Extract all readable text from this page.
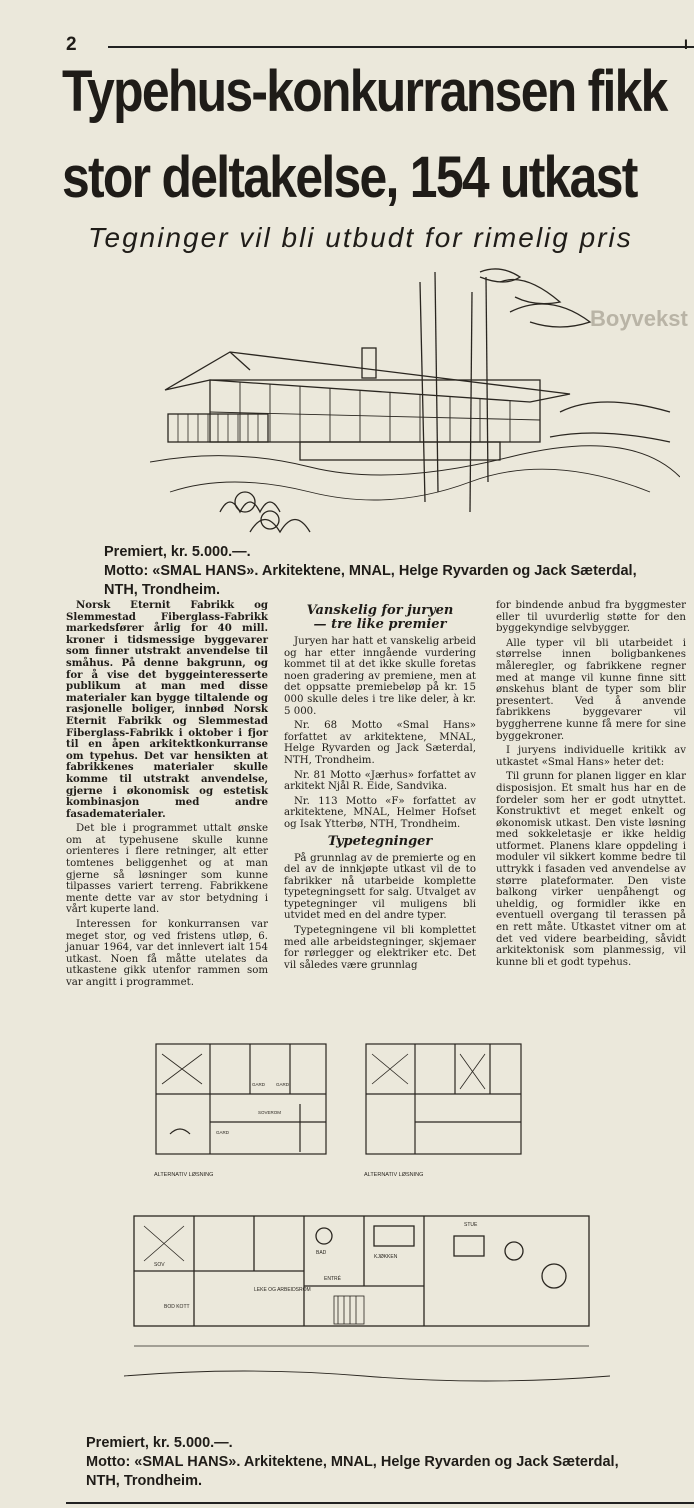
2	I
Boyvekst
Typehus-konkurransen fikk
stor deltakelse, 154 utkast
Tegninger vil bli utbudt for rimelig pris
Premiert, kr. 5.000.—.
Motto: «SMAL HANS». Arkitektene, MNAL, Helge Ryvarden og Jack Sæterdal,
NTH, Trondheim.

Norsk Eternit Fabrikk og Slemmestad Fiberglass-Fabrikk markedsfører årlig for 40 mill. kroner i tidsmessige byggevarer som finner utstrakt anvendelse til småhus. På denne bakgrunn, og for å vise det byggeinteresserte publikum at man med disse materialer kan bygge tiltalende og rasjonelle boliger, innbød Norsk Eternit Fabrikk og Slemmestad Fiberglass-Fabrikk i oktober i fjor til en åpen arkitektkonkurranse om typehus. Det var hensikten at fabrikkenes materialer skulle komme til utstrakt anvendelse, gjerne i økonomisk og estetisk kombinasjon med andre fasadematerialer.

Det ble i programmet uttalt ønske om at typehusene skulle kunne orienteres i flere retninger, alt etter tomtenes beliggenhet og at man gjerne så løsninger som kunne tilpasses variert terreng. Fabrikkene mente dette var av stor betydning i vårt kuperte land.

Interessen for konkurransen var meget stor, og ved fristens utløp, 6. januar 1964, var det innlevert ialt 154 utkast. Noen få måtte utelates da utkastene gikk utenfor rammen som var angitt i programmet.

Vanskelig for juryen
— tre like premier

Juryen har hatt et vanskelig arbeid og har etter inngående vurdering kommet til at det ikke skulle foretas noen gradering av premiene, men at det oppsatte premiebeløp på kr. 15 000 skulle deles i tre like deler, à kr. 5 000.

Nr. 68 Motto «Smal Hans» forfattet av arkitektene, MNAL, Helge Ryvarden og Jack Sæterdal, NTH, Trondheim.

Nr. 81 Motto «Jærhus» forfattet av arkitekt Njål R. Eide, Sandvika.

Nr. 113 Motto «F» forfattet av arkitektene, MNAL, Helmer Hofset og Isak Ytterbø, NTH, Trondheim.

Typetegninger

På grunnlag av de premierte og en del av de innkjøpte utkast vil de to fabrikker nå utarbeide komplette typetegningsett for salg. Utvalget av typetegninger vil muligens bli utvidet med en del andre typer.

Typetegningene vil bli komplettet med alle arbeidstegninger, skjemaer for rørlegger og elektriker etc. Det vil således være grunnlag

for bindende anbud fra byggmester eller til uvurderlig støtte for den byggekyndige selvbygger.

Alle typer vil bli utarbeidet i størrelse innen boligbankenes måleregler, og fabrikkene regner med at mange vil kunne finne sitt ønskehus blant de typer som blir presentert. Ved å anvende fabrikkens byggevarer vil byggherrene kunne få mere for sine byggekroner.

I juryens individuelle kritikk av utkastet «Smal Hans» heter det:

Til grunn for planen ligger en klar disposisjon. Et smalt hus har en de fordeler som her er godt utnyttet. Konstruktivt et meget enkelt og økonomisk utkast. Den viste løsning med sokkeletasje er ikke heldig utformet. Planens klare oppdeling i moduler vil sikkert komme bedre til uttrykk i fasaden ved anvendelse av større plateformater. Den viste balkong virker uenpåhengt og uheldig, og formidler ikke en eventuell overgang til terassen på en rett måte. Utkastet vitner om at det ved videre bearbeiding, såvidt arkitektonisk som planmessig, vil kunne bli et godt typehus.

GARD GARD
SOVEROM
GARD
ALTERNATIV LØSNING	ALTERNATIV LØSNING
STUE
KJØKKEN
BAD
ENTRÉ
LEKE OG ARBEIDSROM
BOD KOTT
SOV
Premiert, kr. 5.000.—.
Motto: «SMAL HANS». Arkitektene, MNAL, Helge Ryvarden og Jack Sæterdal,
NTH, Trondheim.
